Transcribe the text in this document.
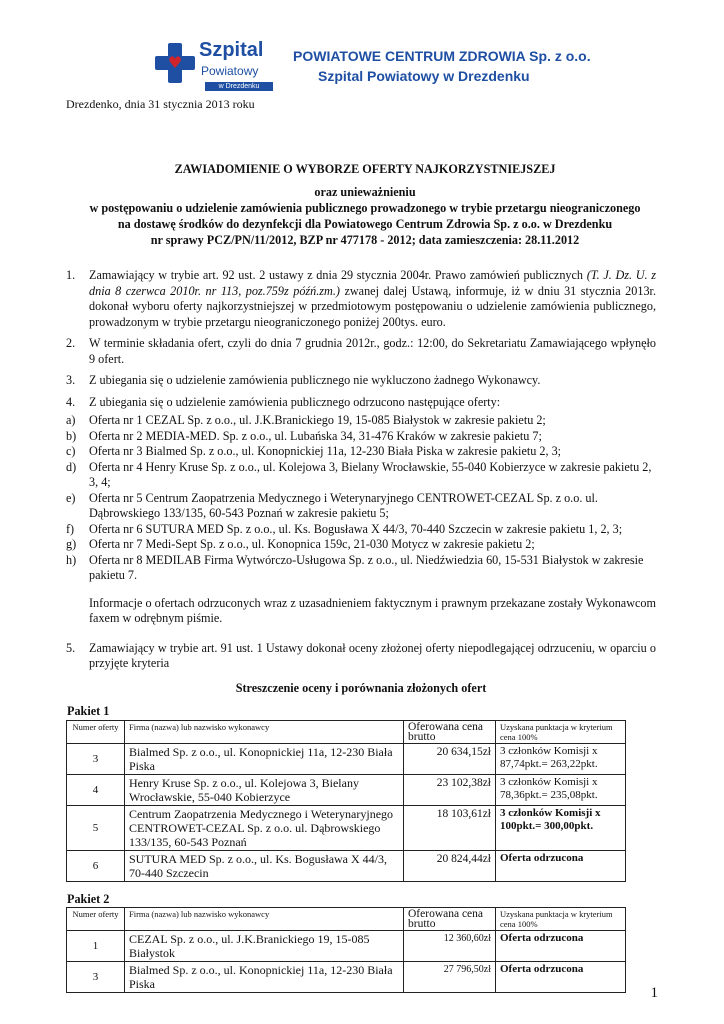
♥
Szpital
Powiatowy
w Drezdenku
POWIATOWE CENTRUM ZDROWIA Sp. z o.o.
Szpital Powiatowy w Drezdenku
Drezdenko, dnia 31 stycznia 2013 roku
ZAWIADOMIENIE O WYBORZE OFERTY NAJKORZYSTNIEJSZEJ
oraz unieważnieniu
w postępowaniu o udzielenie zamówienia publicznego prowadzonego w trybie przetargu nieograniczonego
na dostawę środków do dezynfekcji dla Powiatowego Centrum Zdrowia Sp. z o.o. w Drezdenku
nr sprawy PCZ/PN/11/2012, BZP nr 477178 - 2012; data zamieszczenia: 28.11.2012
1. Zamawiający w trybie art. 92 ust. 2 ustawy z dnia 29 stycznia 2004r. Prawo zamówień publicznych (T. J. Dz. U. z dnia 8 czerwca 2010r. nr 113, poz.759z późń.zm.) zwanej dalej Ustawą, informuje, iż w dniu 31 stycznia 2013r. dokonał wyboru oferty najkorzystniejszej w przedmiotowym postępowaniu o udzielenie zamówienia publicznego, prowadzonym w trybie przetargu nieograniczonego poniżej 200tys. euro.
2. W terminie składania ofert, czyli do dnia 7 grudnia 2012r., godz.: 12:00, do Sekretariatu Zamawiającego wpłynęło 9 ofert.
3. Z ubiegania się o udzielenie zamówienia publicznego nie wykluczono żadnego Wykonawcy.
4. Z ubiegania się o udzielenie zamówienia publicznego odrzucono następujące oferty:
a) Oferta nr 1 CEZAL Sp. z o.o., ul. J.K.Branickiego 19, 15-085 Białystok w zakresie pakietu 2;
b) Oferta nr 2 MEDIA-MED. Sp. z o.o., ul. Lubańska 34, 31-476 Kraków w zakresie pakietu 7;
c) Oferta nr 3 Bialmed Sp. z o.o., ul. Konopnickiej 11a, 12-230 Biała Piska w zakresie pakietu 2, 3;
d) Oferta nr 4 Henry Kruse Sp. z o.o., ul. Kolejowa 3, Bielany Wrocławskie, 55-040 Kobierzyce w zakresie pakietu 2, 3, 4;
e) Oferta nr 5 Centrum Zaopatrzenia Medycznego i Weterynaryjnego CENTROWET-CEZAL Sp. z o.o. ul. Dąbrowskiego 133/135, 60-543 Poznań w zakresie pakietu 5;
f) Oferta nr 6 SUTURA MED Sp. z o.o., ul. Ks. Bogusława X 44/3, 70-440 Szczecin w zakresie pakietu 1, 2, 3;
g) Oferta nr 7 Medi-Sept Sp. z o.o., ul. Konopnica 159c, 21-030 Motycz w zakresie pakietu 2;
h) Oferta nr 8 MEDILAB Firma Wytwórczo-Usługowa Sp. z o.o., ul. Niedźwiedzia 60, 15-531 Białystok w zakresie pakietu 7.
Informacje o ofertach odrzuconych wraz z uzasadnieniem faktycznym i prawnym przekazane zostały Wykonawcom faxem w odrębnym piśmie.
5. Zamawiający w trybie art. 91 ust. 1 Ustawy dokonał oceny złożonej oferty niepodlegającej odrzuceniu, w oparciu o przyjęte kryteria
Streszczenie oceny i porównania złożonych ofert
Pakiet 1
Numer oferty	Firma (nazwa) lub nazwisko wykonawcy	Oferowana cena brutto	Uzyskana punktacja w kryterium cena 100%
3	Bialmed Sp. z o.o., ul. Konopnickiej 11a, 12-230 Biała Piska	20 634,15zł	3 członków Komisji x 87,74pkt.= 263,22pkt.
4	Henry Kruse Sp. z o.o., ul. Kolejowa 3, Bielany Wrocławskie, 55-040 Kobierzyce	23 102,38zł	3 członków Komisji x 78,36pkt.= 235,08pkt.
5	Centrum Zaopatrzenia Medycznego i Weterynaryjnego CENTROWET-CEZAL Sp. z o.o. ul. Dąbrowskiego 133/135, 60-543 Poznań	18 103,61zł	3 członków Komisji x 100pkt.= 300,00pkt.
6	SUTURA MED Sp. z o.o., ul. Ks. Bogusława X 44/3, 70-440 Szczecin	20 824,44zł	Oferta odrzucona
Pakiet 2
Numer oferty	Firma (nazwa) lub nazwisko wykonawcy	Oferowana cena brutto	Uzyskana punktacja w kryterium cena 100%
1	CEZAL Sp. z o.o., ul. J.K.Branickiego 19, 15-085 Białystok	12 360,60zł	Oferta odrzucona
3	Bialmed Sp. z o.o., ul. Konopnickiej 11a, 12-230 Biała Piska	27 796,50zł	Oferta odrzucona
1
